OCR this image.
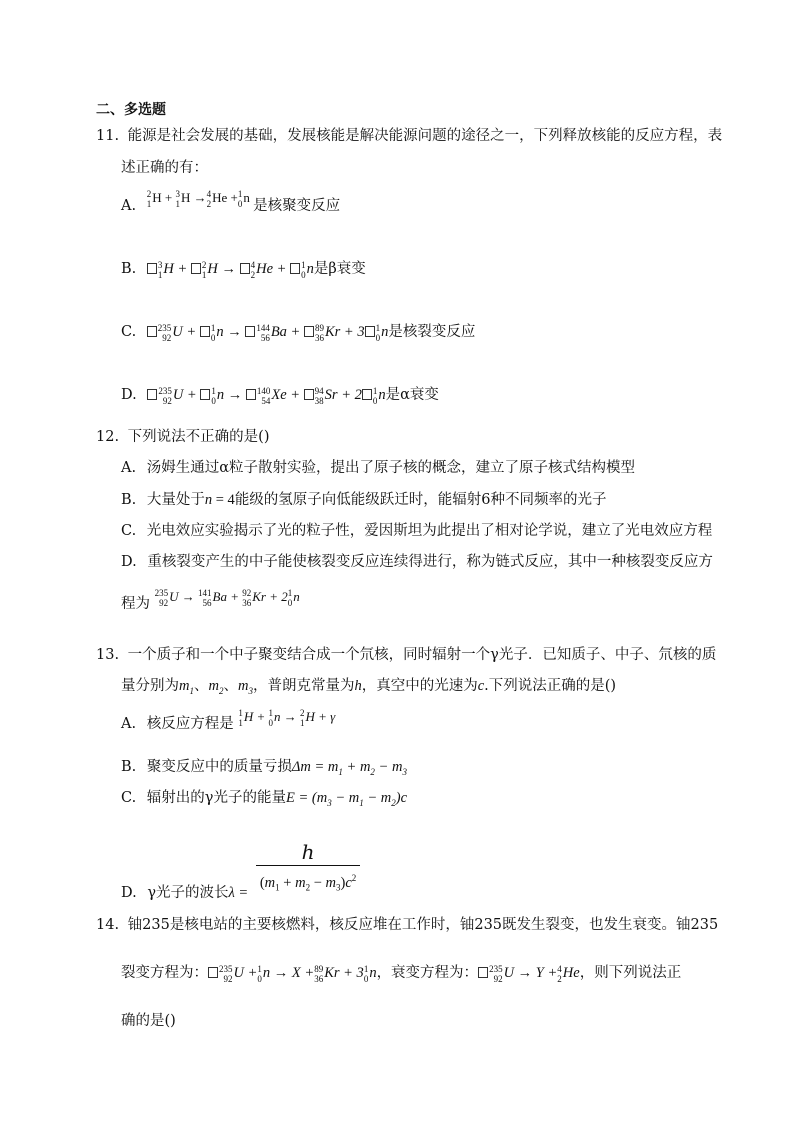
二、多选题
11. 能源是社会发展的基础，发展核能是解决能源问题的途径之一，下列释放核能的反应方程，表
述正确的有：
A.
2
1 H + 3
1 H → 4
2 He + 1
0 n 是核聚变反应
B. 3
1 H + 2
1 H → 4
2 He + 1
0 n是β衰变
C. 235
92 U + 1
0 n → 144
56 Ba + 89
36 Kr + 3 1
0 n是核裂变反应
D. 235
92 U + 1
0 n → 140
54 Xe + 94
38 Sr + 2 1
0 n是α衰变
12. 下列说法不正确的是()
A. 汤姆生通过α粒子散射实验，提出了原子核的概念，建立了原子核式结构模型
B. 大量处于n = 4能级的氢原子向低能级跃迁时，能辐射6种不同频率的光子
C. 光电效应实验揭示了光的粒子性，爱因斯坦为此提出了相对论学说，建立了光电效应方程
D. 重核裂变产生的中子能使核裂变反应连续得进行，称为链式反应，其中一种核裂变反应方
程为
235
92 U → 141
56 Ba + 92
36 Kr + 2 1
0 n
13. 一个质子和一个中子聚变结合成一个氘核，同时辐射一个γ光子．已知质子、中子、氘核的质
量分别为$m_1$、$m_2$、$m_3$，普朗克常量为h，真空中的光速为c.下列说法正确的是()
A. 核反应方程是
1
1 H + 1
0 n → 2
1 H + γ
B. 聚变反应中的质量亏损$\Delta m = m_1 + m_2 - m_3$
C. 辐射出的γ光子的能量$E = (m_3 - m_1 - m_2)c$
D. γ光子的波长$\lambda = \frac{h}{(m_1 + m_2 - m_3)c^2}$
14. 铀235是核电站的主要核燃料，核反应堆在工作时，铀235既发生裂变，也发生衰变。铀235
裂变方程为： 235
92 U + 1
0 n → X + 89
36 Kr + 3 1
0 n，衰变方程为： 235
92 U → Y + 4
2 He，则下列说法正
确的是()
